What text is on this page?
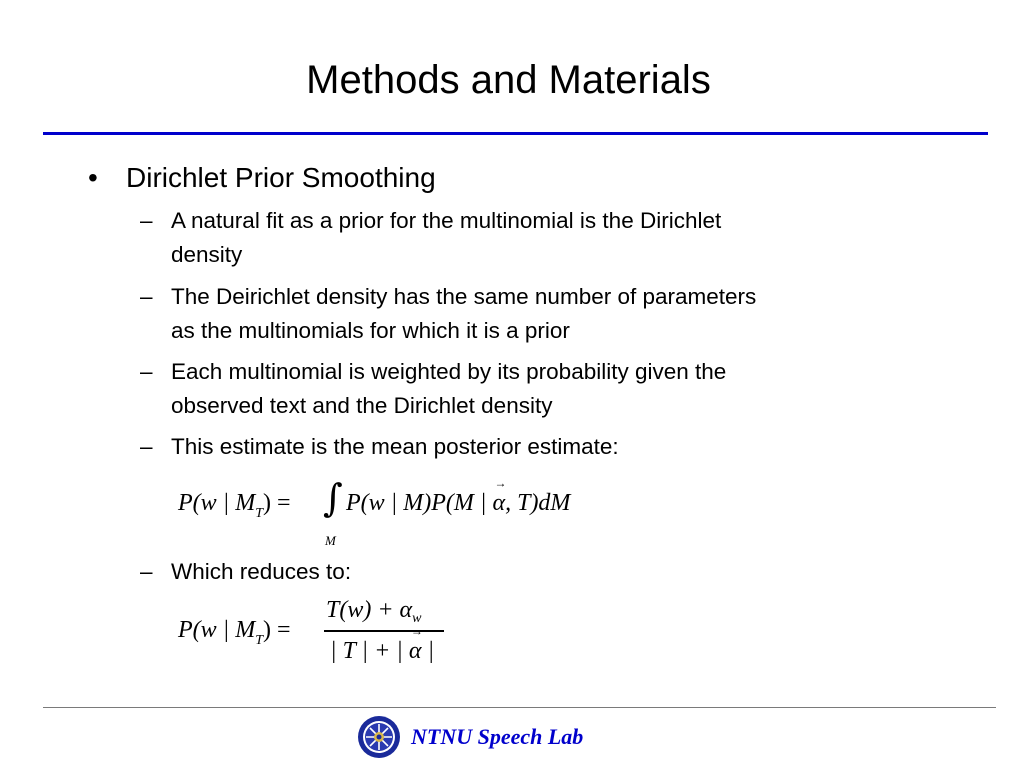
Methods and Materials
• Dirichlet Prior Smoothing
– A natural fit as a prior for the multinomial is the Dirichlet
density
– The Deirichlet density has the same number of parameters
as the multinomials for which it is a prior
– Each multinomial is weighted by its probability given the
observed text and the Dirichlet density
– This estimate is the mean posterior estimate:
P(w | $M_T$) = ∫
M
P(w | M)P(M | → α, T)dM
– Which reduces to:
P(w | $M_T$) =
$T(w) + \alpha_w$
| T | + | → α |
NTNU Speech Lab
